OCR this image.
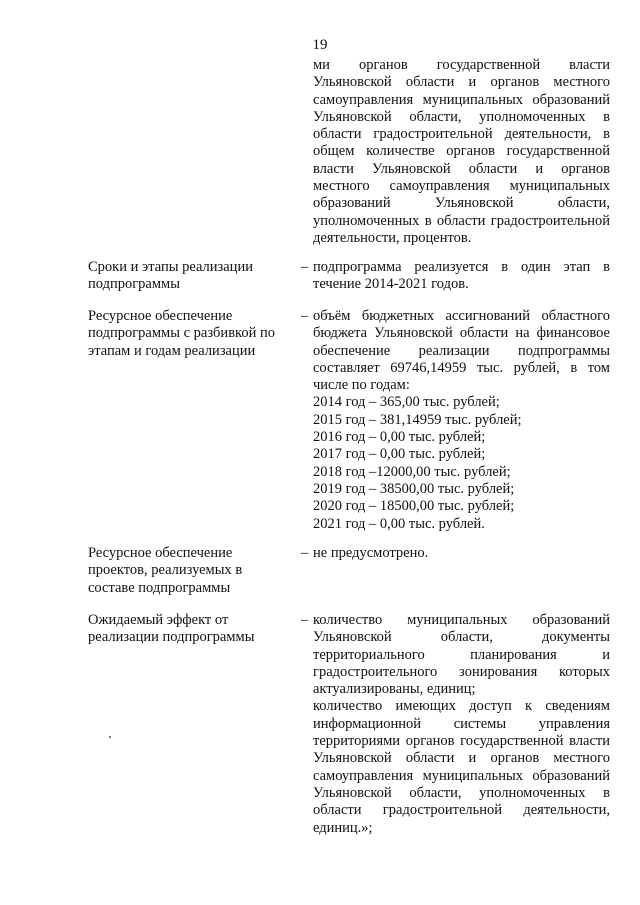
19
ми органов государственной власти Ульяновской области и органов местного самоуправления муниципальных образований Ульяновской области, уполномоченных в области градостроительной деятельности, в общем количестве органов государственной власти Ульяновской области и органов местного самоуправления муниципальных образований Ульяновской области, уполномоченных в области градостроительной деятельности, процентов.
Сроки и этапы реализации подпрограммы
– подпрограмма реализуется в один этап в течение 2014-2021 годов.
Ресурсное обеспечение подпрограммы с разбивкой по этапам и годам реализации
– объём бюджетных ассигнований областного бюджета Ульяновской области на финансовое обеспечение реализации подпрограммы составляет 69746,14959 тыс. рублей, в том числе по годам:
2014 год – 365,00 тыс. рублей;
2015 год – 381,14959 тыс. рублей;
2016 год – 0,00 тыс. рублей;
2017 год – 0,00 тыс. рублей;
2018 год –12000,00 тыс. рублей;
2019 год – 38500,00 тыс. рублей;
2020 год – 18500,00 тыс. рублей;
2021 год – 0,00 тыс. рублей.
Ресурсное обеспечение проектов, реализуемых в составе подпрограммы
– не предусмотрено.
Ожидаемый эффект от реализации подпрограммы
– количество муниципальных образований Ульяновской области, документы территориального планирования и градостроительного зонирования которых актуализированы, единиц;
количество имеющих доступ к сведениям информационной системы управления территориями органов государственной власти Ульяновской области и органов местного самоуправления муниципальных образований Ульяновской области, уполномоченных в области градостроительной деятельности, единиц.»;
